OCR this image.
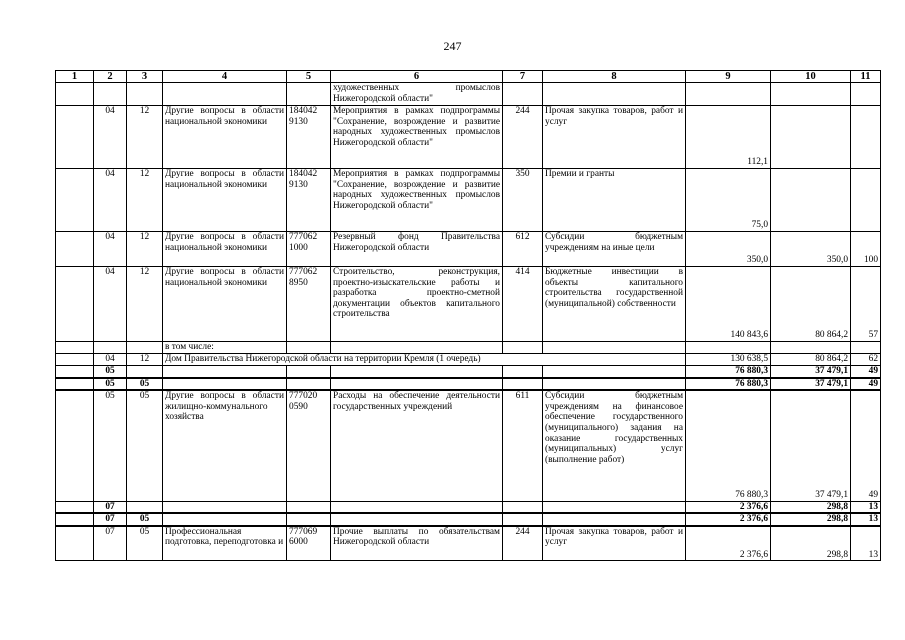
247
1	2	3	4	5	6	7	8	9	10	11
					художественных промыслов Нижегородской области"					
	04	12	Другие вопросы в области национальной экономики	184042 9130	Мероприятия в рамках подпрограммы "Сохранение, возрождение и развитие народных художественных промыслов Нижегородской области"	244	Прочая закупка товаров, работ и услуг	112,1		
	04	12	Другие вопросы в области национальной экономики	184042 9130	Мероприятия в рамках подпрограммы "Сохранение, возрождение и развитие народных художественных промыслов Нижегородской области"	350	Премии и гранты	75,0		
	04	12	Другие вопросы в области национальной экономики	777062 1000	Резервный фонд Правительства Нижегородской области	612	Субсидии бюджетным учреждениям на иные цели	350,0	350,0	100
	04	12	Другие вопросы в области национальной экономики	777062 8950	Строительство, реконструкция, проектно-изыскательские работы и разработка проектно-сметной документации объектов капитального строительства	414	Бюджетные инвестиции в объекты капитального строительства государственной (муниципальной) собственности	140 843,6	80 864,2	57
			в том числе:							
	04	12	Дом Правительства Нижегородской области на территории Кремля (1 очередь)					130 638,5	80 864,2	62
	05							76 880,3	37 479,1	49
	05	05						76 880,3	37 479,1	49
	05	05	Другие вопросы в области жилищно-коммунального хозяйства	777020 0590	Расходы на обеспечение деятельности государственных учреждений	611	Субсидии бюджетным учреждениям на финансовое обеспечение государственного (муниципального) задания на оказание государственных (муниципальных) услуг (выполнение работ)	76 880,3	37 479,1	49
	07							2 376,6	298,8	13
	07	05						2 376,6	298,8	13
	07	05	Профессиональная подготовка, переподготовка и	777069 6000	Прочие выплаты по обязательствам Нижегородской области	244	Прочая закупка товаров, работ и услуг	2 376,6	298,8	13
